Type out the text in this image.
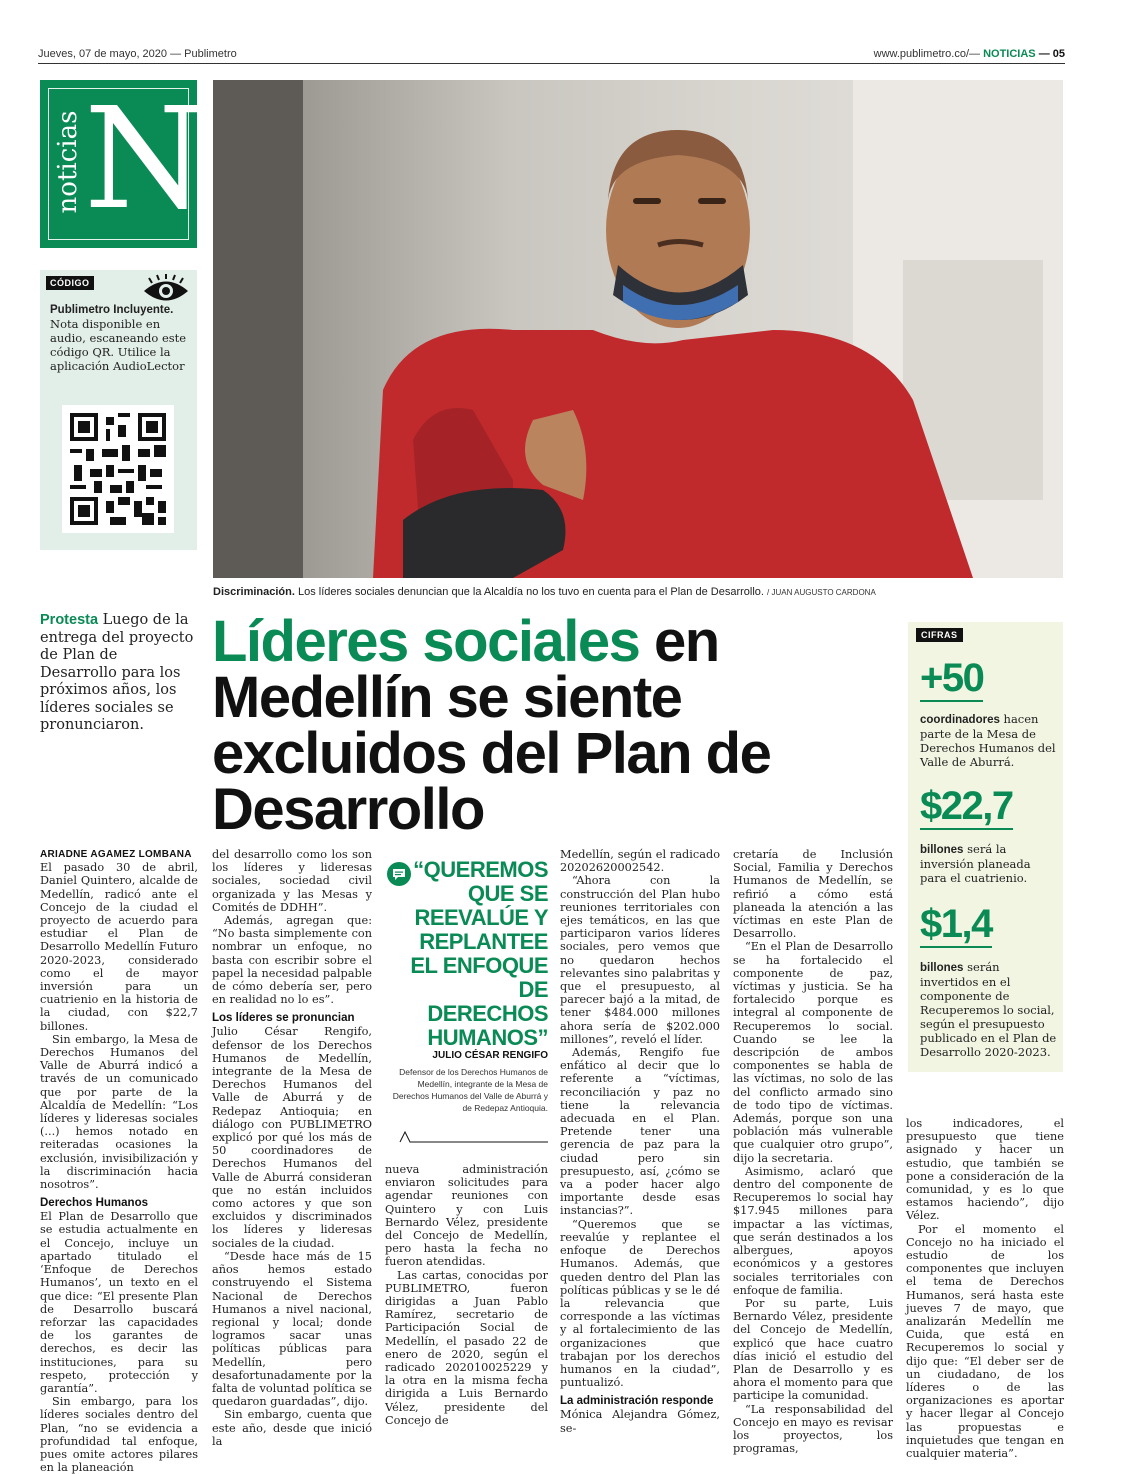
Jueves, 07 de mayo, 2020 — Publimetro	www.publimetro.co/— NOTICIAS — 05
noticias N
CÓDIGO
Publimetro Incluyente. Nota disponible en audio, escaneando este código QR. Utilice la aplicación AudioLector
Discriminación. Los líderes sociales denuncian que la Alcaldía no los tuvo en cuenta para el Plan de Desarrollo. / JUAN AUGUSTO CARDONA
Protesta Luego de la entrega del proyecto de Plan de Desarrollo para los próximos años, los líderes sociales se pronunciaron.
Líderes sociales en Medellín se siente excluidos del Plan de Desarrollo
CIFRAS
+50
coordinadores hacen parte de la Mesa de Derechos Humanos del Valle de Aburrá.
$22,7
billones será la inversión planeada para el cuatrienio.
$1,4
billones serán invertidos en el componente de Recuperemos lo social, según el presupuesto publicado en el Plan de Desarrollo 2020-2023.
ARIADNE AGAMEZ LOMBANA

El pasado 30 de abril, Daniel Quintero, alcalde de Medellín, radicó ante el Concejo de la ciudad el proyecto de acuerdo para estudiar el Plan de Desarrollo Medellín Futuro 2020-2023, considerado como el de mayor inversión para un cuatrienio en la historia de la ciudad, con $22,7 billones.

Sin embargo, la Mesa de Derechos Humanos del Valle de Aburrá indicó a través de un comunicado que por parte de la Alcaldía de Medellín: “Los líderes y lideresas sociales (...) hemos notado en reiteradas ocasiones la exclusión, invisibilización y la discriminación hacia nosotros”.

Derechos Humanos

El Plan de Desarrollo que se estudia actualmente en el Concejo, incluye un apartado titulado el ‘Enfoque de Derechos Humanos’, un texto en el que dice: “El presente Plan de Desarrollo buscará reforzar las capacidades de los garantes de derechos, es decir las instituciones, para su respeto, protección y garantía”.

Sin embargo, para los líderes sociales dentro del Plan, “no se evidencia a profundidad tal enfoque, pues omite actores pilares en la planeación

del desarrollo como los son los líderes y lideresas sociales, sociedad civil organizada y las Mesas y Comités de DDHH”.

Además, agregan que: “No basta simplemente con nombrar un enfoque, no basta con escribir sobre el papel la necesidad palpable de cómo debería ser, pero en realidad no lo es”.

Los líderes se pronuncian

Julio César Rengifo, defensor de los Derechos Humanos de Medellín, integrante de la Mesa de Derechos Humanos del Valle de Aburrá y de Redepaz Antioquia; en diálogo con PUBLIMETRO explicó por qué los más de 50 coordinadores de Derechos Humanos del Valle de Aburrá consideran que no están incluidos como actores y que son excluidos y discriminados los líderes y lideresas sociales de la ciudad.

“Desde hace más de 15 años hemos estado construyendo el Sistema Nacional de Derechos Humanos a nivel nacional, regional y local; donde logramos sacar unas políticas públicas para Medellín, pero desafortunadamente por la falta de voluntad política se quedaron guardadas”, dijo.

Sin embargo, cuenta que este año, desde que inició la

“QUEREMOS QUE SE REEVALÚE Y REPLANTEE EL ENFOQUE DE DERECHOS HUMANOS”
JULIO CÉSAR RENGIFO
Defensor de los Derechos Humanos de Medellín, integrante de la Mesa de Derechos Humanos del Valle de Aburrá y de Redepaz Antioquia.

nueva administración enviaron solicitudes para agendar reuniones con Quintero y con Luis Bernardo Vélez, presidente del Concejo de Medellín, pero hasta la fecha no fueron atendidas.

Las cartas, conocidas por PUBLIMETRO, fueron dirigidas a Juan Pablo Ramírez, secretario de Participación Social de Medellín, el pasado 22 de enero de 2020, según el radicado 202010025229 y la otra en la misma fecha dirigida a Luis Bernardo Vélez, presidente del Concejo de

Medellín, según el radicado 20202620002542.

“Ahora con la construcción del Plan hubo reuniones territoriales con ejes temáticos, en las que participaron varios líderes sociales, pero vemos que no quedaron hechos relevantes sino palabritas y que el presupuesto, al parecer bajó a la mitad, de tener $484.000 millones ahora sería de $202.000 millones”, reveló el líder.

Además, Rengifo fue enfático al decir que lo referente a “víctimas, reconciliación y paz no tiene la relevancia adecuada en el Plan. Pretende tener una gerencia de paz para la ciudad pero sin presupuesto, así, ¿cómo se va a poder hacer algo importante desde esas instancias?”.

“Queremos que se reevalúe y replantee el enfoque de Derechos Humanos. Además, que queden dentro del Plan las políticas públicas y se le dé la relevancia que corresponde a las víctimas y al fortalecimiento de las organizaciones que trabajan por los derechos humanos en la ciudad”, puntualizó.

La administración responde

Mónica Alejandra Gómez, se-

cretaría de Inclusión Social, Familia y Derechos Humanos de Medellín, se refirió a cómo está planeada la atención a las víctimas en este Plan de Desarrollo.

“En el Plan de Desarrollo se ha fortalecido el componente de paz, víctimas y justicia. Se ha fortalecido porque es integral al componente de Recuperemos lo social. Cuando se lee la descripción de ambos componentes se habla de las víctimas, no solo de las del conflicto armado sino de todo tipo de víctimas. Además, porque son una población más vulnerable que cualquier otro grupo”, dijo la secretaria.

Asimismo, aclaró que dentro del componente de Recuperemos lo social hay $17.945 millones para impactar a las víctimas, que serán destinados a los albergues, apoyos económicos y a gestores sociales territoriales con enfoque de familia.

Por su parte, Luis Bernardo Vélez, presidente del Concejo de Medellín, explicó que hace cuatro días inició el estudio del Plan de Desarrollo y es ahora el momento para que participe la comunidad.

“La responsabilidad del Concejo en mayo es revisar los proyectos, los programas,

los indicadores, el presupuesto que tiene asignado y hacer un estudio, que también se pone a consideración de la comunidad, y es lo que estamos haciendo”, dijo Vélez.

Por el momento el Concejo no ha iniciado el estudio de los componentes que incluyen el tema de Derechos Humanos, será hasta este jueves 7 de mayo, que analizarán Medellín me Cuida, que está en Recuperemos lo social y dijo que: “El deber ser de un ciudadano, de los líderes o de las organizaciones es aportar y hacer llegar al Concejo las propuestas e inquietudes que tengan en cualquier materia”.
